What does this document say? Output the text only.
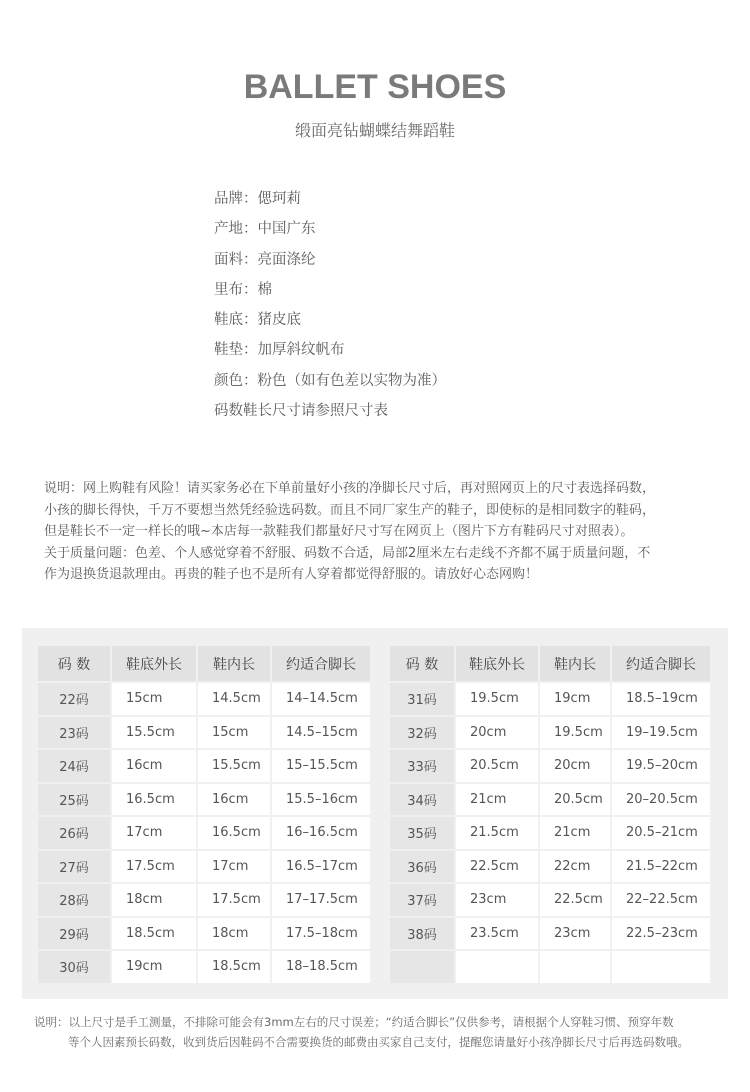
BALLET SHOES
缎面亮钻蝴蝶结舞蹈鞋
品牌：偲珂莉
产地：中国广东
面料：亮面涤纶
里布：棉
鞋底：猪皮底
鞋垫：加厚斜纹帆布
颜色：粉色（如有色差以实物为准）
码数鞋长尺寸请参照尺寸表
说明：网上购鞋有风险！请买家务必在下单前量好小孩的净脚长尺寸后，再对照网页上的尺寸表选择码数，
小孩的脚长得快，千万不要想当然凭经验选码数。而且不同厂家生产的鞋子，即使标的是相同数字的鞋码，
但是鞋长不一定一样长的哦~本店每一款鞋我们都量好尺寸写在网页上（图片下方有鞋码尺寸对照表）。
关于质量问题：色差、个人感觉穿着不舒服、码数不合适，局部2厘米左右走线不齐都不属于质量问题，不
作为退换货退款理由。再贵的鞋子也不是所有人穿着都觉得舒服的。请放好心态网购！
码 数	鞋底外长	鞋内长	约适合脚长
22码	15cm	14.5cm	14–14.5cm
23码	15.5cm	15cm	14.5–15cm
24码	16cm	15.5cm	15–15.5cm
25码	16.5cm	16cm	15.5–16cm
26码	17cm	16.5cm	16–16.5cm
27码	17.5cm	17cm	16.5–17cm
28码	18cm	17.5cm	17–17.5cm
29码	18.5cm	18cm	17.5–18cm
30码	19cm	18.5cm	18–18.5cm
码 数	鞋底外长	鞋内长	约适合脚长
31码	19.5cm	19cm	18.5–19cm
32码	20cm	19.5cm	19–19.5cm
33码	20.5cm	20cm	19.5–20cm
34码	21cm	20.5cm	20–20.5cm
35码	21.5cm	21cm	20.5–21cm
36码	22.5cm	22cm	21.5–22cm
37码	23cm	22.5cm	22–22.5cm
38码	23.5cm	23cm	22.5–23cm

说明：以上尺寸是手工测量，不排除可能会有3mm左右的尺寸误差；“约适合脚长”仅供参考，请根据个人穿鞋习惯、预穿年数
等个人因素预长码数，收到货后因鞋码不合需要换货的邮费由买家自己支付，提醒您请量好小孩净脚长尺寸后再选码数哦。
